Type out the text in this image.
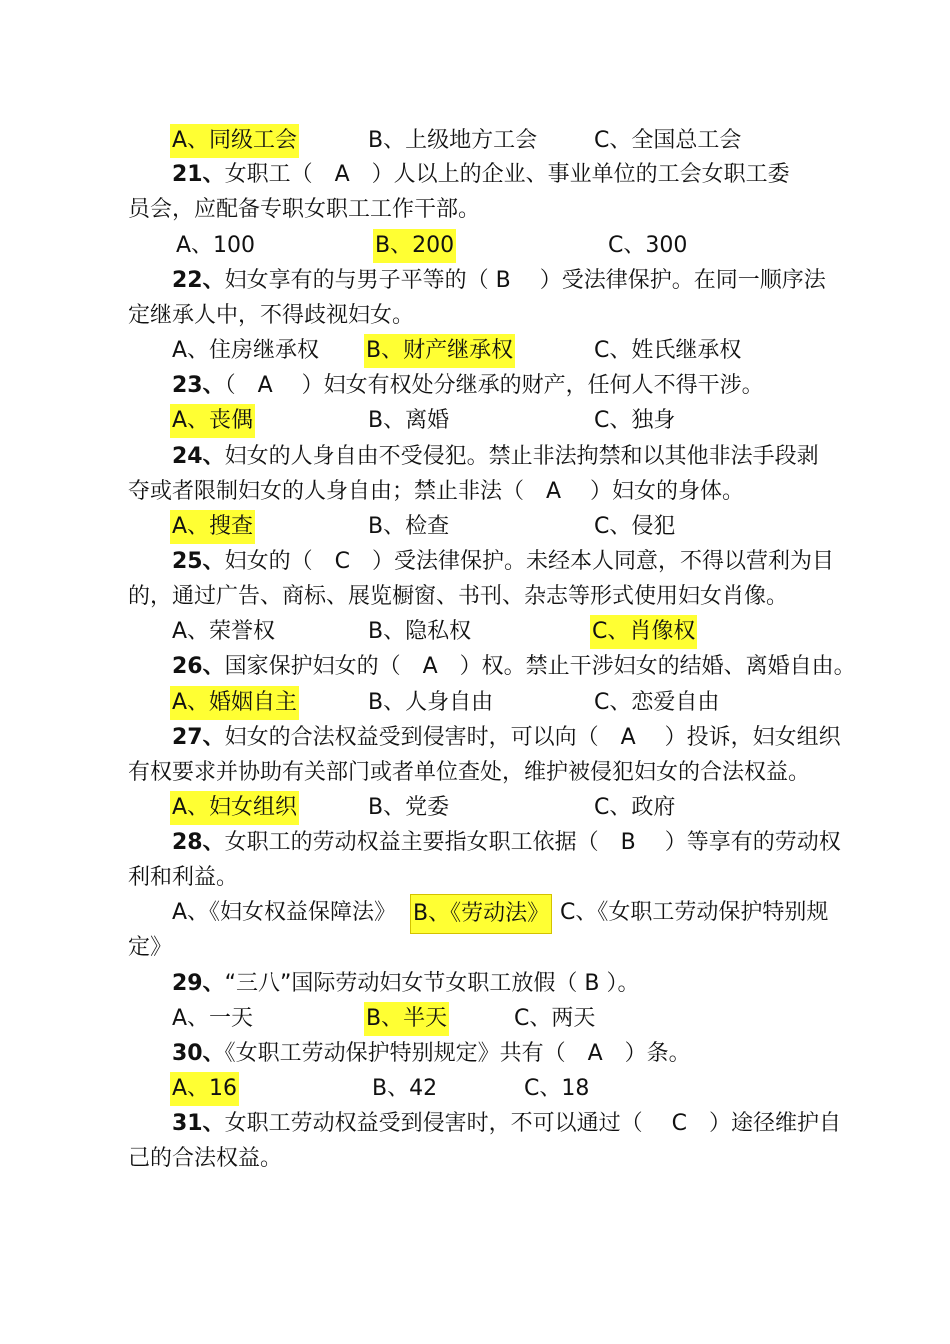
A、同级工会	B、上级地方工会	C、全国总工会
21、女职工（　A　）人以上的企业、事业单位的工会女职工委
员会，应配备专职女职工工作干部。
A、100	B、200	C、300
22、妇女享有的与男子平等的（ B　 ）受法律保护。在同一顺序法
定继承人中，不得歧视妇女。
A、住房继承权 B、财产继承权	C、姓氏继承权
23、（　A　 ）妇女有权处分继承的财产，任何人不得干涉。
A、丧偶	B、离婚	C、独身
24、妇女的人身自由不受侵犯。禁止非法拘禁和以其他非法手段剥
夺或者限制妇女的人身自由；禁止非法（　A　 ）妇女的身体。
A、搜查	B、检查	C、侵犯
25、妇女的（　C　）受法律保护。未经本人同意，不得以营利为目
的，通过广告、商标、展览橱窗、书刊、杂志等形式使用妇女肖像。
A、荣誉权	B、隐私权	C、肖像权
26、国家保护妇女的（　A　）权。禁止干涉妇女的结婚、离婚自由。
A、婚姻自主	B、人身自由	C、恋爱自由
27、妇女的合法权益受到侵害时，可以向（　A　 ）投诉，妇女组织
有权要求并协助有关部门或者单位查处，维护被侵犯妇女的合法权益。
A、妇女组织	B、党委	C、政府
28、女职工的劳动权益主要指女职工依据（　B　 ）等享有的劳动权
利和利益。
A、《妇女权益保障法》 B、《劳动法》 C、《女职工劳动保护特别规
定》
29、“三八”国际劳动妇女节女职工放假（ B ）。
A、一天	B、半天	C、两天
30、《女职工劳动保护特别规定》共有（　A　）条。
A、16	B、42	C、18
31、女职工劳动权益受到侵害时，不可以通过（　 C　）途径维护自
己的合法权益。
